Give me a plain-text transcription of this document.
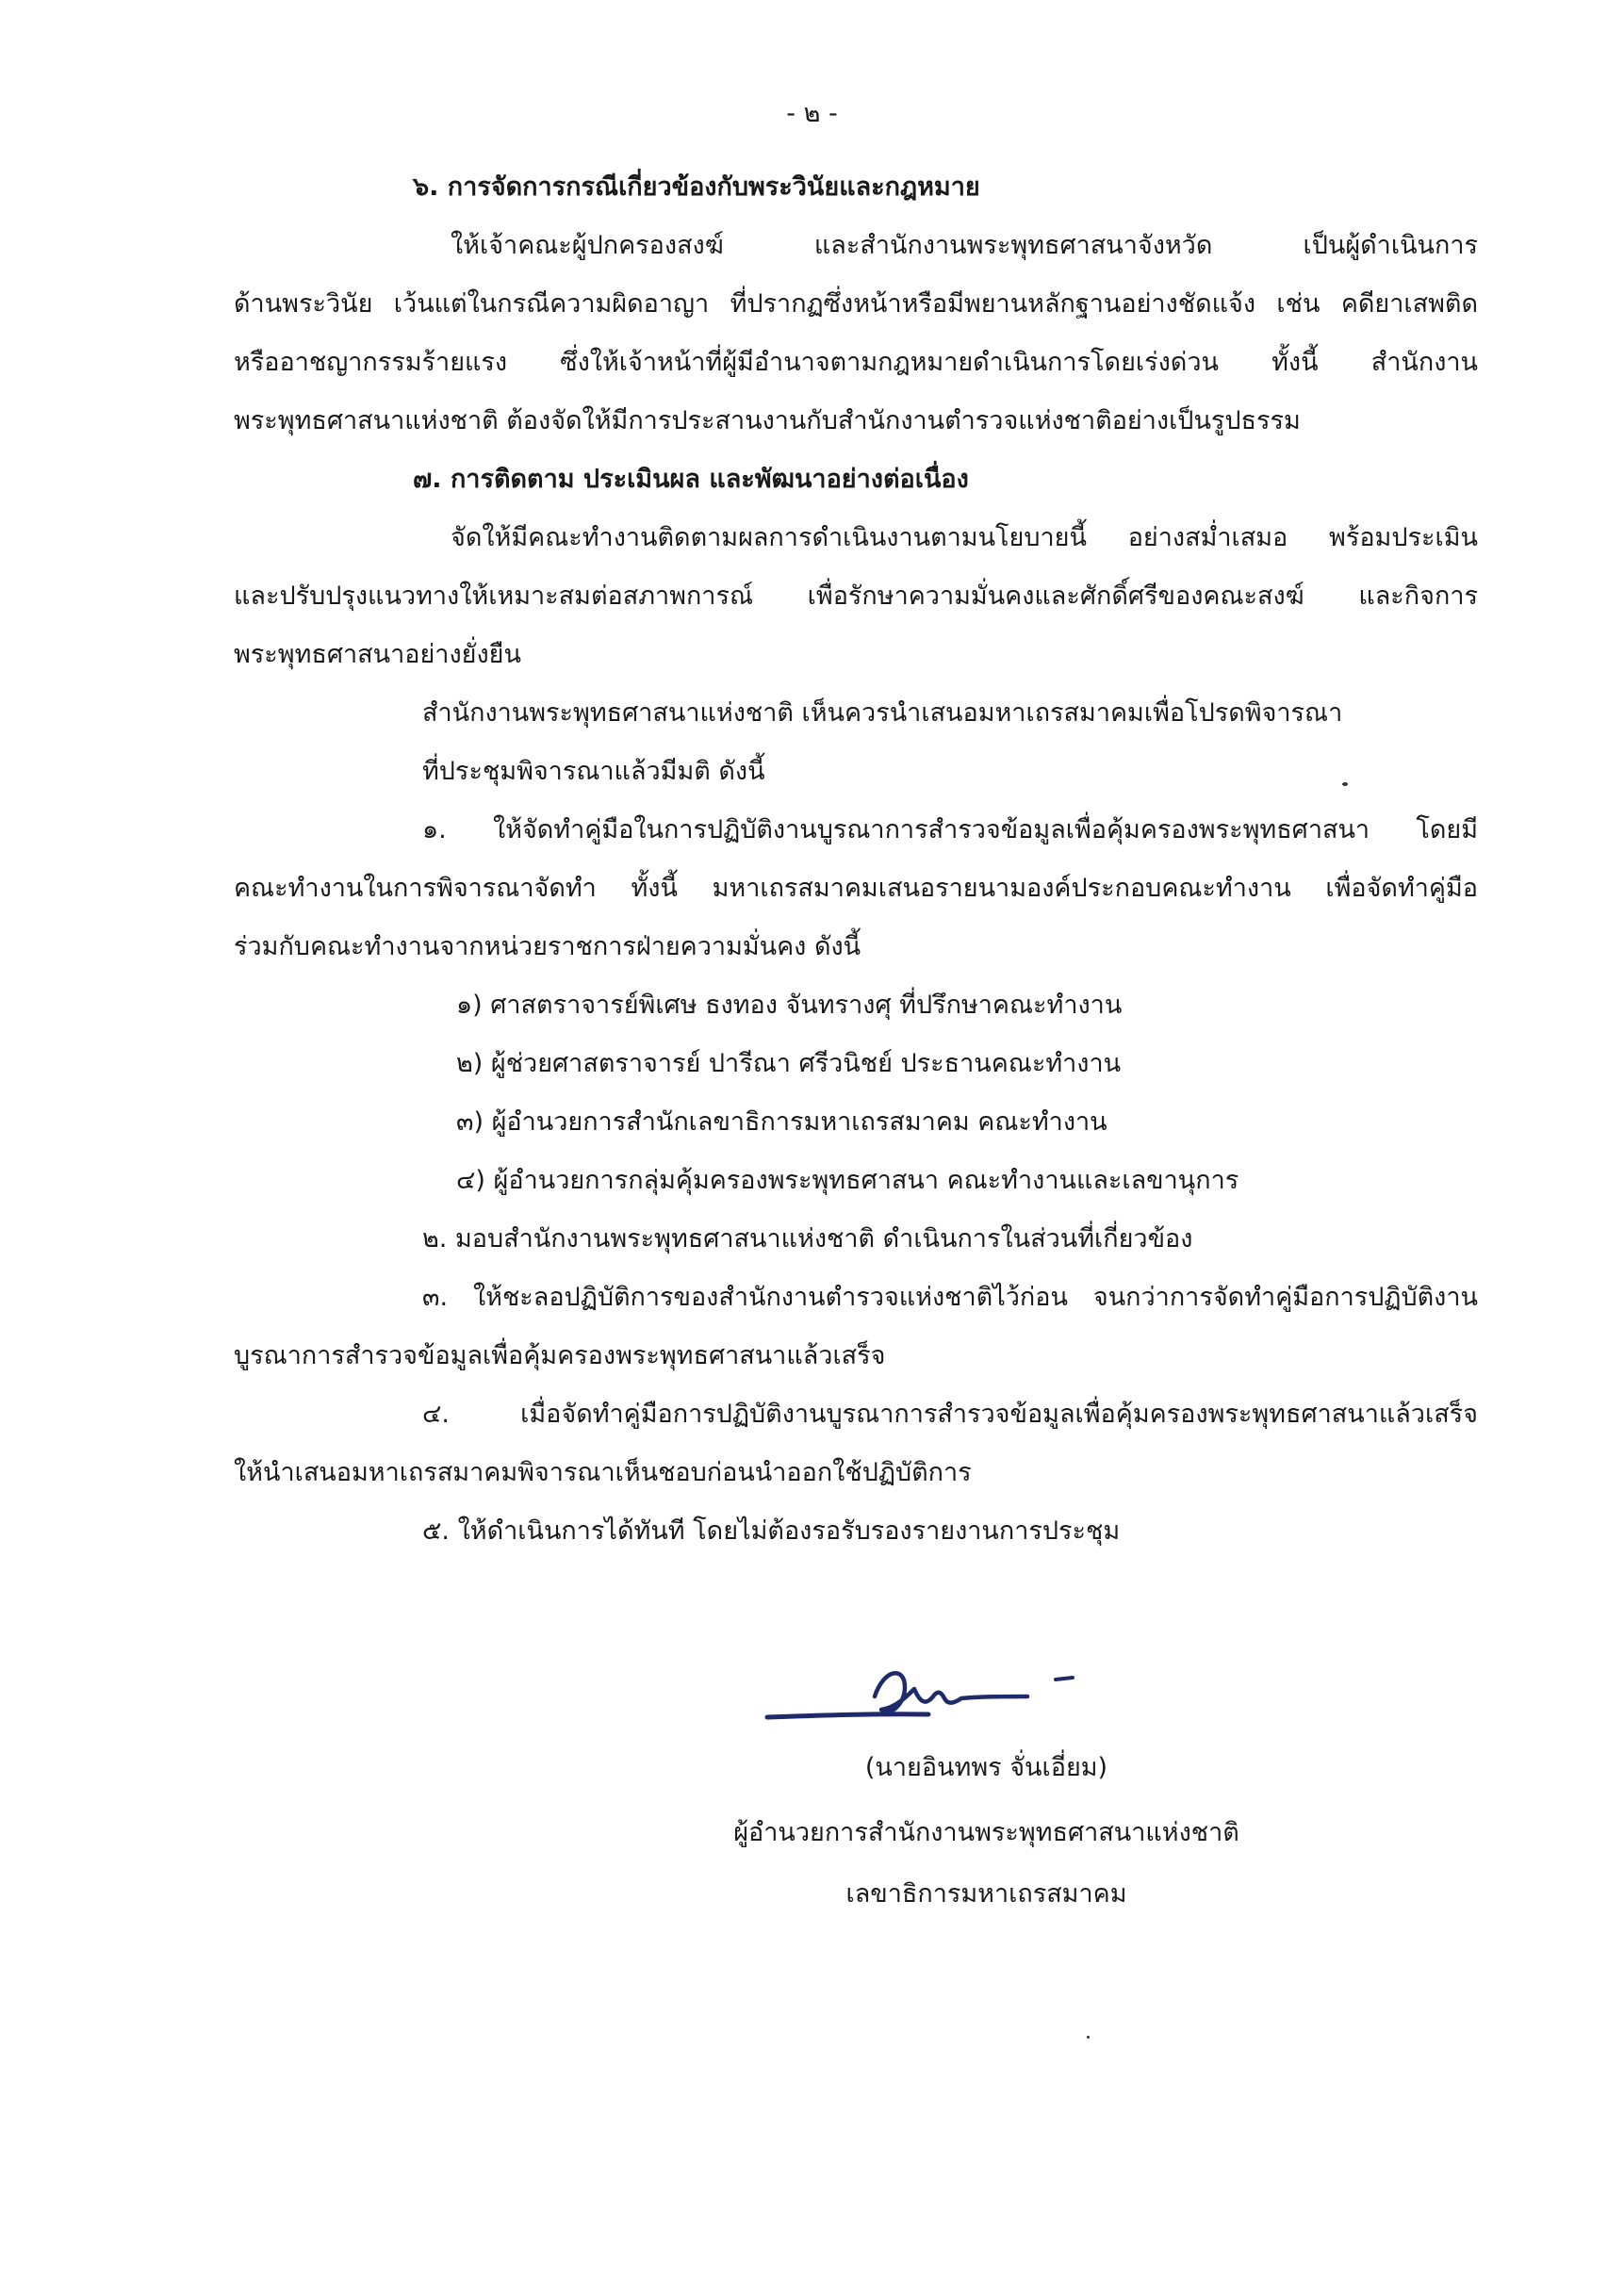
- ๒ -
๖. การจัดการกรณีเกี่ยวข้องกับพระวินัยและกฎหมาย
ให้เจ้าคณะผู้ปกครองสงฆ์ และสำนักงานพระพุทธศาสนาจังหวัด เป็นผู้ดำเนินการ
ด้านพระวินัย เว้นแต่ในกรณีความผิดอาญา ที่ปรากฏซึ่งหน้าหรือมีพยานหลักฐานอย่างชัดแจ้ง เช่น คดียาเสพติด
หรืออาชญากรรมร้ายแรง ซึ่งให้เจ้าหน้าที่ผู้มีอำนาจตามกฎหมายดำเนินการโดยเร่งด่วน ทั้งนี้ สำนักงาน
พระพุทธศาสนาแห่งชาติ ต้องจัดให้มีการประสานงานกับสำนักงานตำรวจแห่งชาติอย่างเป็นรูปธรรม
๗. การติดตาม ประเมินผล และพัฒนาอย่างต่อเนื่อง
จัดให้มีคณะทำงานติดตามผลการดำเนินงานตามนโยบายนี้ อย่างสม่ำเสมอ พร้อมประเมิน
และปรับปรุงแนวทางให้เหมาะสมต่อสภาพการณ์ เพื่อรักษาความมั่นคงและศักดิ์ศรีของคณะสงฆ์ และกิจการ
พระพุทธศาสนาอย่างยั่งยืน
สำนักงานพระพุทธศาสนาแห่งชาติ เห็นควรนำเสนอมหาเถรสมาคมเพื่อโปรดพิจารณา
ที่ประชุมพิจารณาแล้วมีมติ ดังนี้
๑. ให้จัดทำคู่มือในการปฏิบัติงานบูรณาการสำรวจข้อมูลเพื่อคุ้มครองพระพุทธศาสนา โดยมี
คณะทำงานในการพิจารณาจัดทำ ทั้งนี้ มหาเถรสมาคมเสนอรายนามองค์ประกอบคณะทำงาน เพื่อจัดทำคู่มือ
ร่วมกับคณะทำงานจากหน่วยราชการฝ่ายความมั่นคง ดังนี้
๑) ศาสตราจารย์พิเศษ ธงทอง จันทรางศุ ที่ปรึกษาคณะทำงาน
๒) ผู้ช่วยศาสตราจารย์ ปารีณา ศรีวนิชย์ ประธานคณะทำงาน
๓) ผู้อำนวยการสำนักเลขาธิการมหาเถรสมาคม คณะทำงาน
๔) ผู้อำนวยการกลุ่มคุ้มครองพระพุทธศาสนา คณะทำงานและเลขานุการ
๒. มอบสำนักงานพระพุทธศาสนาแห่งชาติ ดำเนินการในส่วนที่เกี่ยวข้อง
๓. ให้ชะลอปฏิบัติการของสำนักงานตำรวจแห่งชาติไว้ก่อน จนกว่าการจัดทำคู่มือการปฏิบัติงาน
บูรณาการสำรวจข้อมูลเพื่อคุ้มครองพระพุทธศาสนาแล้วเสร็จ
๔. เมื่อจัดทำคู่มือการปฏิบัติงานบูรณาการสำรวจข้อมูลเพื่อคุ้มครองพระพุทธศาสนาแล้วเสร็จ
ให้นำเสนอมหาเถรสมาคมพิจารณาเห็นชอบก่อนนำออกใช้ปฏิบัติการ
๕. ให้ดำเนินการได้ทันที โดยไม่ต้องรอรับรองรายงานการประชุม
(นายอินทพร จั่นเอี่ยม)
ผู้อำนวยการสำนักงานพระพุทธศาสนาแห่งชาติ
เลขาธิการมหาเถรสมาคม
